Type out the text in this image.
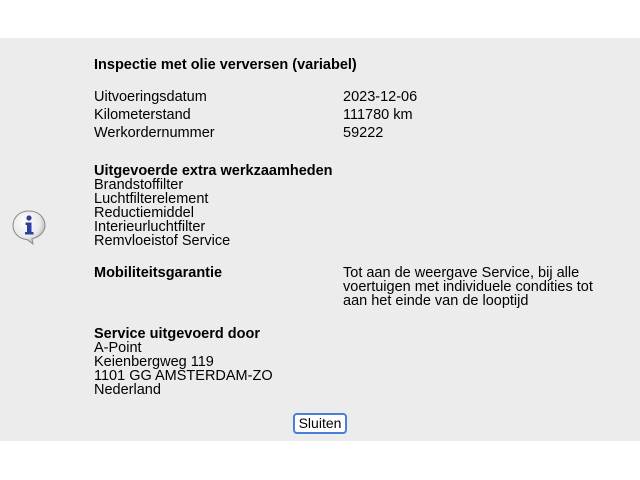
Inspectie met olie verversen (variabel)
Uitvoeringsdatum	2023-12-06
Kilometerstand	111780 km
Werkordernummer	59222
Uitgevoerde extra werkzaamheden
Brandstoffilter
Luchtfilterelement
Reductiemiddel
Interieurluchtfilter
Remvloeistof Service
Mobiliteitsgarantie	Tot aan de weergave Service, bij alle voertuigen met individuele condities tot aan het einde van de looptijd
Service uitgevoerd door
A-Point
Keienbergweg 119
1101 GG AMSTERDAM-ZO
Nederland
Sluiten
